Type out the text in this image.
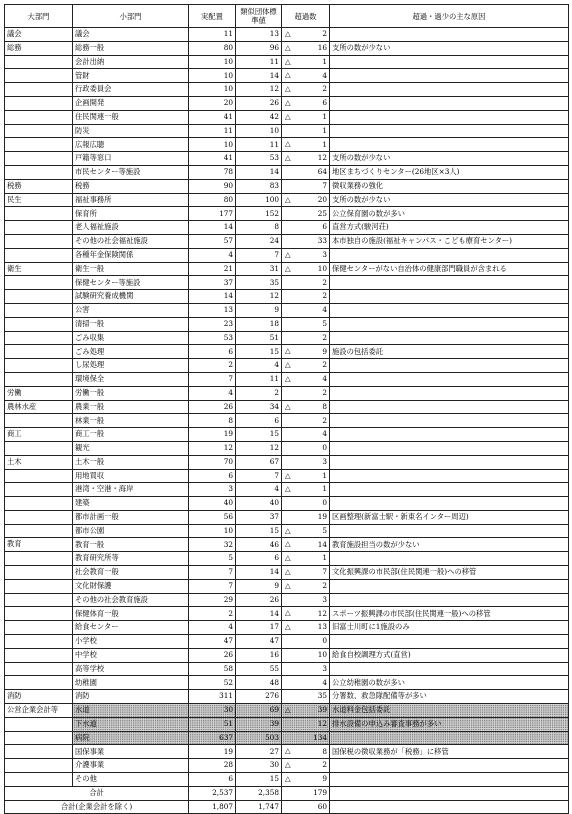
大部門	小部門	実配置	類似団体標準値	超過数	超過・過少の主な原因
議会	議会	11	13	△ 2	
総務	総務一般	80	96	△ 16	支所の数が少ない
	会計出納	10	11	△ 1	
	管財	10	14	△ 4	
	行政委員会	10	12	△ 2	
	企画開発	20	26	△ 6	
	住民関連一般	41	42	△ 1	
	防災	11	10	1	
	広報広聴	10	11	△ 1	
	戸籍等窓口	41	53	△ 12	支所の数が少ない
	市民センター等施設	78	14	64	地区まちづくりセンター(26地区×3人)
税務	税務	90	83	7	徴収業務の強化
民生	福祉事務所	80	100	△ 20	支所の数が少ない
	保育所	177	152	25	公立保育園の数が多い
	老人福祉施設	14	8	6	直営方式(駿河荘)
	その他の社会福祉施設	57	24	33	本市独自の施設(福祉キャンパス・こども療育センター)
	各種年金保険関係	4	7	△ 3	
衛生	衛生一般	21	31	△ 10	保健センターがない自治体の健康部門職員が含まれる
	保健センター等施設	37	35	2	
	試験研究養成機関	14	12	2	
	公害	13	9	4	
	清掃一般	23	18	5	
	ごみ収集	53	51	2	
	ごみ処理	6	15	△ 9	施設の包括委託
	し尿処理	2	4	△ 2	
	環境保全	7	11	△ 4	
労働	労働一般	4	2	2	
農林水産	農業一般	26	34	△ 8	
	林業一般	8	6	2	
商工	商工一般	19	15	4	
	観光	12	12	0	
土木	土木一般	70	67	3	
	用地買収	6	7	△ 1	
	港湾・空港・海岸	3	4	△ 1	
	建築	40	40	0	
	都市計画一般	56	37	19	区画整理(新富士駅・新東名インター周辺)
	都市公園	10	15	△ 5	
教育	教育一般	32	46	△ 14	教育施設担当の数が少ない
	教育研究所等	5	6	△ 1	
	社会教育一般	7	14	△ 7	文化振興課の市民部(住民関連一般)への移管
	文化財保護	7	9	△ 2	
	その他の社会教育施設	29	26	3	
	保健体育一般	2	14	△ 12	スポーツ振興課の市民部(住民関連一般)への移管
	給食センター	4	17	△ 13	旧富士川町に1施設のみ
	小学校	47	47	0	
	中学校	26	16	10	給食自校調理方式(直営)
	高等学校	58	55	3	
	幼稚園	52	48	4	公立幼稚園の数が多い
消防	消防	311	276	35	分署数、救急隊配備等が多い
公営企業会計等	水道	30	69	△ 39	水道料金包括委託
	下水道	51	39	12	排水設備の申込み審査事務が多い
	病院	637	503	134	
	国保事業	19	27	△ 8	国保税の徴収業務が「税務」に移管
	介護事業	28	30	△ 2	
	その他	6	15	△ 9	
合計		2,537	2,358	179	
合計(企業会計を除く)		1,807	1,747	60	
